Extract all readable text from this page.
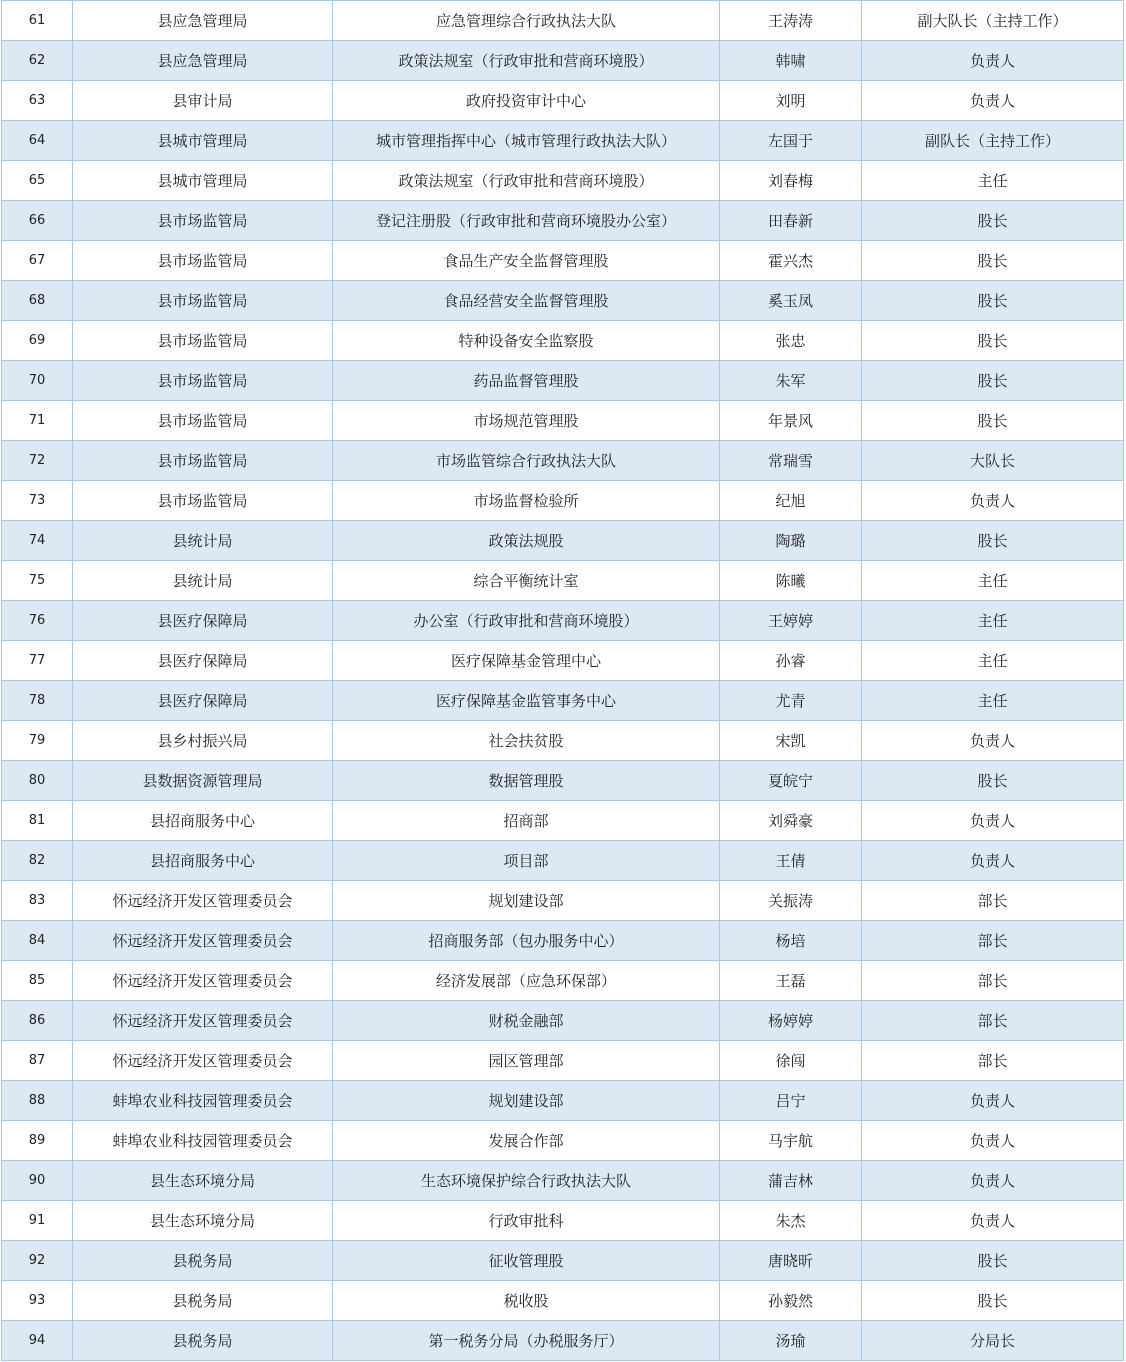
61	县应急管理局	应急管理综合行政执法大队	王涛涛	副大队长（主持工作）
62	县应急管理局	政策法规室（行政审批和营商环境股）	韩啸	负责人
63	县审计局	政府投资审计中心	刘明	负责人
64	县城市管理局	城市管理指挥中心（城市管理行政执法大队）	左国于	副队长（主持工作）
65	县城市管理局	政策法规室（行政审批和营商环境股）	刘春梅	主任
66	县市场监管局	登记注册股（行政审批和营商环境股办公室）	田春新	股长
67	县市场监管局	食品生产安全监督管理股	霍兴杰	股长
68	县市场监管局	食品经营安全监督管理股	奚玉凤	股长
69	县市场监管局	特种设备安全监察股	张忠	股长
70	县市场监管局	药品监督管理股	朱军	股长
71	县市场监管局	市场规范管理股	年景风	股长
72	县市场监管局	市场监管综合行政执法大队	常瑞雪	大队长
73	县市场监管局	市场监督检验所	纪旭	负责人
74	县统计局	政策法规股	陶璐	股长
75	县统计局	综合平衡统计室	陈曦	主任
76	县医疗保障局	办公室（行政审批和营商环境股）	王婷婷	主任
77	县医疗保障局	医疗保障基金管理中心	孙睿	主任
78	县医疗保障局	医疗保障基金监管事务中心	尤青	主任
79	县乡村振兴局	社会扶贫股	宋凯	负责人
80	县数据资源管理局	数据管理股	夏皖宁	股长
81	县招商服务中心	招商部	刘舜豪	负责人
82	县招商服务中心	项目部	王倩	负责人
83	怀远经济开发区管理委员会	规划建设部	关振涛	部长
84	怀远经济开发区管理委员会	招商服务部（包办服务中心）	杨培	部长
85	怀远经济开发区管理委员会	经济发展部（应急环保部）	王磊	部长
86	怀远经济开发区管理委员会	财税金融部	杨婷婷	部长
87	怀远经济开发区管理委员会	园区管理部	徐闯	部长
88	蚌埠农业科技园管理委员会	规划建设部	吕宁	负责人
89	蚌埠农业科技园管理委员会	发展合作部	马宇航	负责人
90	县生态环境分局	生态环境保护综合行政执法大队	蒲吉林	负责人
91	县生态环境分局	行政审批科	朱杰	负责人
92	县税务局	征收管理股	唐晓昕	股长
93	县税务局	税收股	孙毅然	股长
94	县税务局	第一税务分局（办税服务厅）	汤瑜	分局长
